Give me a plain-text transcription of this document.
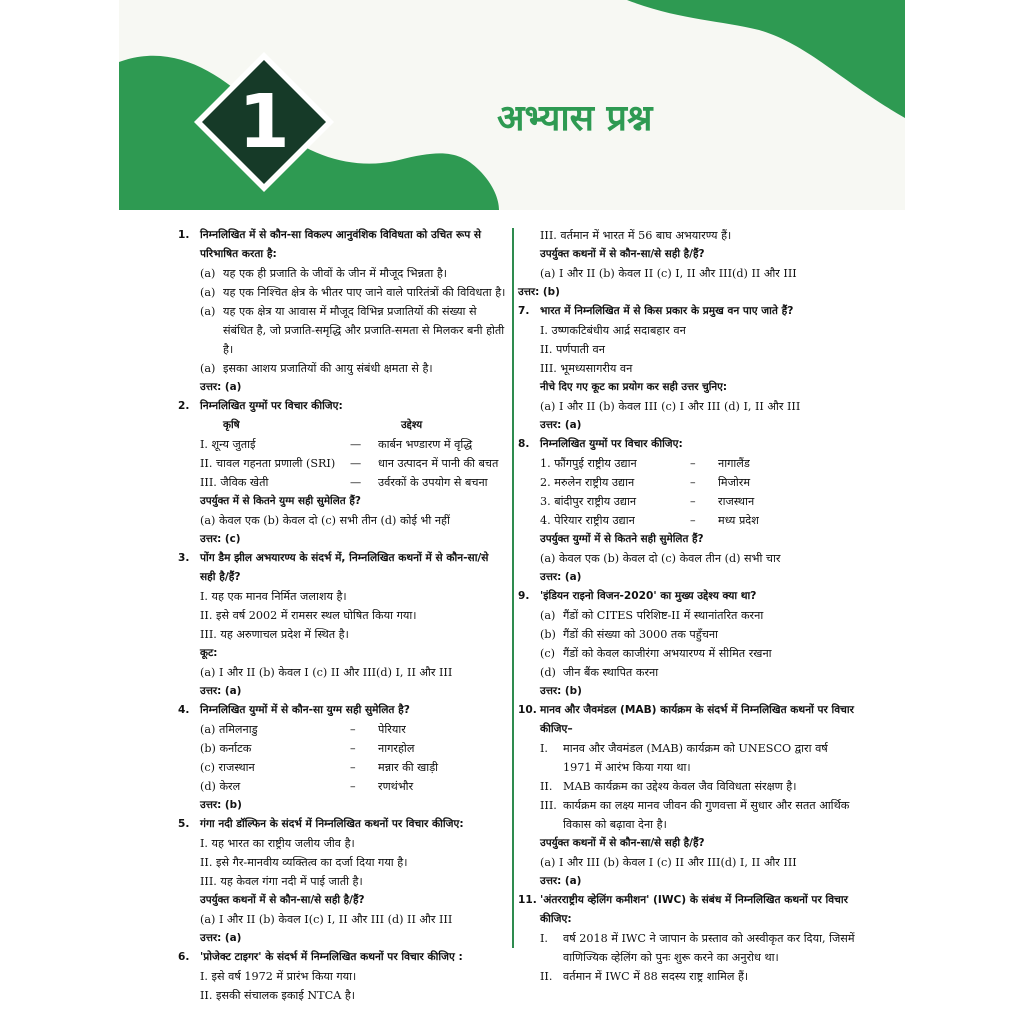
1	अभ्यास प्रश्न
1. निम्नलिखित में से कौन-सा विकल्प आनुवंशिक विविधता को उचित रूप से परिभाषित करता है:
(a) यह एक ही प्रजाति के जीवों के जीन में मौजूद भिन्नता है।
(a) यह एक निश्चित क्षेत्र के भीतर पाए जाने वाले पारितंत्रों की विविधता है।
(a) यह एक क्षेत्र या आवास में मौजूद विभिन्न प्रजातियों की संख्या से संबंधित है, जो प्रजाति-समृद्धि और प्रजाति-समता से मिलकर बनी होती है।
(a) इसका आशय प्रजातियों की आयु संबंधी क्षमता से है।
उत्तर: (a)
2. निम्नलिखित युग्मों पर विचार कीजिए:
कृषि	उद्देश्य
I. शून्य जुताई	—	कार्बन भण्डारण में वृद्धि
II. चावल गहनता प्रणाली (SRI)	—	धान उत्पादन में पानी की बचत
III. जैविक खेती	—	उर्वरकों के उपयोग से बचना
उपर्युक्त में से कितने युग्म सही सुमेलित हैं?
(a) केवल एक (b) केवल दो (c) सभी तीन (d) कोई भी नहीं
उत्तर: (c)
3. पोंग डैम झील अभयारण्य के संदर्भ में, निम्नलिखित कथनों में से कौन-सा/से सही है/हैं?
I. यह एक मानव निर्मित जलाशय है।
II. इसे वर्ष 2002 में रामसर स्थल घोषित किया गया।
III. यह अरुणाचल प्रदेश में स्थित है।
कूट:
(a) I और II (b) केवल I (c) II और III(d) I, II और III
उत्तर: (a)
4. निम्नलिखित युग्मों में से कौन-सा युग्म सही सुमेलित है?
(a) तमिलनाडु	–	पेरियार
(b) कर्नाटक	–	नागरहोल
(c) राजस्थान	–	मन्नार की खाड़ी
(d) केरल	–	रणथंभौर
उत्तर: (b)
5. गंगा नदी डॉल्फिन के संदर्भ में निम्नलिखित कथनों पर विचार कीजिए:
I. यह भारत का राष्ट्रीय जलीय जीव है।
II. इसे गैर-मानवीय व्यक्तित्व का दर्जा दिया गया है।
III. यह केवल गंगा नदी में पाई जाती है।
उपर्युक्त कथनों में से कौन-सा/से सही है/हैं?
(a) I और II (b) केवल I(c) I, II और III (d) II और III
उत्तर: (a)
6. 'प्रोजेक्ट टाइगर' के संदर्भ में निम्नलिखित कथनों पर विचार कीजिए :
I. इसे वर्ष 1972 में प्रारंभ किया गया।
II. इसकी संचालक इकाई NTCA है।
III. वर्तमान में भारत में 56 बाघ अभयारण्य हैं।
उपर्युक्त कथनों में से कौन-सा/से सही है/हैं?
(a) I और II (b) केवल II (c) I, II और III(d) II और III
उत्तर: (b)
7. भारत में निम्नलिखित में से किस प्रकार के प्रमुख वन पाए जाते हैं?
I. उष्णकटिबंधीय आर्द्र सदाबहार वन
II. पर्णपाती वन
III. भूमध्यसागरीय वन
नीचे दिए गए कूट का प्रयोग कर सही उत्तर चुनिए:
(a) I और II (b) केवल III (c) I और III (d) I, II और III
उत्तर: (a)
8. निम्नलिखित युग्मों पर विचार कीजिए:
1. फौंगपुई राष्ट्रीय उद्यान	–	नागालैंड
2. मरुलेन राष्ट्रीय उद्यान	–	मिजोरम
3. बांदीपुर राष्ट्रीय उद्यान	–	राजस्थान
4. पेरियार राष्ट्रीय उद्यान	–	मध्य प्रदेश
उपर्युक्त युग्मों में से कितने सही सुमेलित हैं?
(a) केवल एक (b) केवल दो (c) केवल तीन (d) सभी चार
उत्तर: (a)
9. 'इंडियन राइनो विजन-2020' का मुख्य उद्देश्य क्या था?
(a) गैंडों को CITES परिशिष्ट-II में स्थानांतरित करना
(b) गैंडों की संख्या को 3000 तक पहुँचना
(c) गैंडों को केवल काजीरंगा अभयारण्य में सीमित रखना
(d) जीन बैंक स्थापित करना
उत्तर: (b)
10. मानव और जैवमंडल (MAB) कार्यक्रम के संदर्भ में निम्नलिखित कथनों पर विचार कीजिए–
I.	मानव और जैवमंडल (MAB) कार्यक्रम को UNESCO द्वारा वर्ष 1971 में आरंभ किया गया था।
II. MAB कार्यक्रम का उद्देश्य केवल जैव विविधता संरक्षण है।
III. कार्यक्रम का लक्ष्य मानव जीवन की गुणवत्ता में सुधार और सतत आर्थिक विकास को बढ़ावा देना है।
उपर्युक्त कथनों में से कौन-सा/से सही है/हैं?
(a) I और III (b) केवल I (c) II और III(d) I, II और III
उत्तर: (a)
11. 'अंतरराष्ट्रीय व्हेलिंग कमीशन' (IWC) के संबंध में निम्नलिखित कथनों पर विचार कीजिए:
I.	वर्ष 2018 में IWC ने जापान के प्रस्ताव को अस्वीकृत कर दिया, जिसमें वाणिज्यिक व्हेलिंग को पुनः शुरू करने का अनुरोध था।
II. वर्तमान में IWC में 88 सदस्य राष्ट्र शामिल हैं।
